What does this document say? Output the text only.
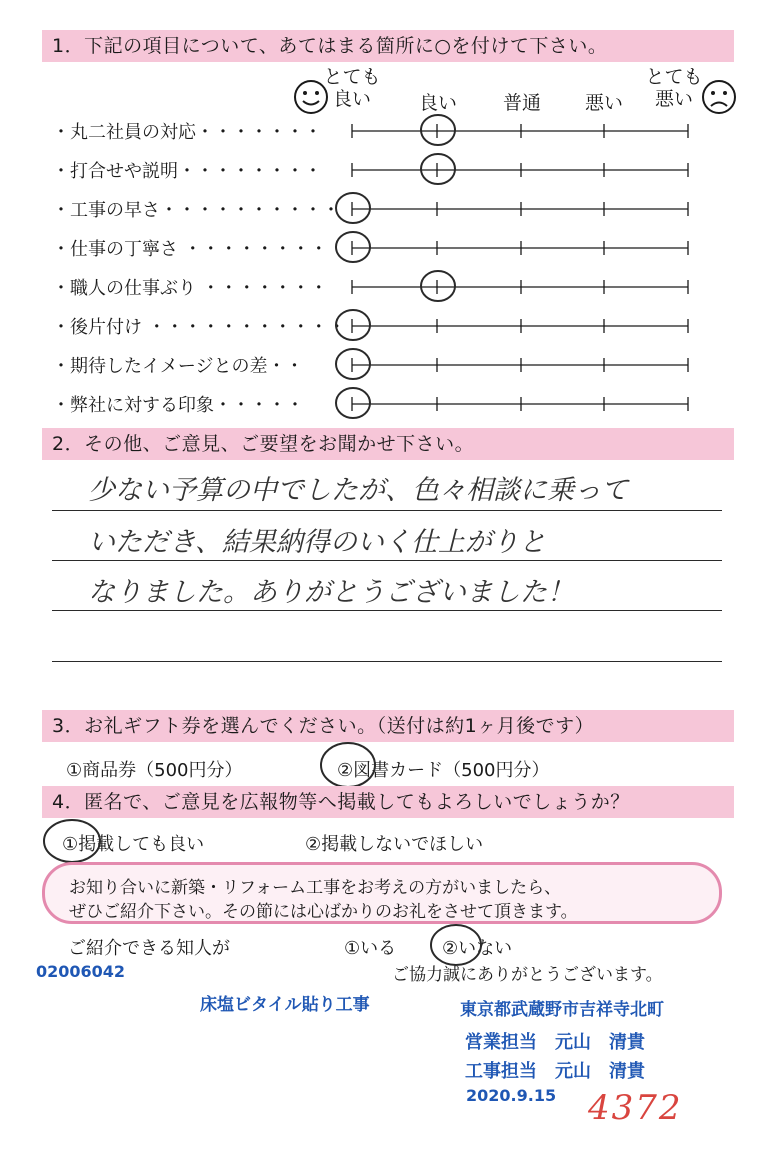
1．下記の項目について、あてはまる箇所に○を付けて下さい。
とても
良い	良い	普通	悪い
とても
悪い
・丸二社員の対応・・・・・・・
・打合せや説明・・・・・・・・
・工事の早さ・・・・・・・・・・
・仕事の丁寧さ ・・・・・・・・
・職人の仕事ぶり ・・・・・・・
・後片付け ・・・・・・・・・・・
・期待したイメージとの差・・
・弊社に対する印象・・・・・
2．その他、ご意見、ご要望をお聞かせ下さい。
少ない予算の中でしたが、色々相談に乗って
いただき、結果納得のいく仕上がりと
なりました。ありがとうございました！
3．お礼ギフト券を選んでください。（送付は約1ヶ月後です）
①商品券（500円分）	②図書カード（500円分）
4．匿名で、ご意見を広報物等へ掲載してもよろしいでしょうか？
①掲載しても良い	②掲載しないでほしい
お知り合いに新築・リフォーム工事をお考えの方がいましたら、
ぜひご紹介下さい。その節には心ばかりのお礼をさせて頂きます。
ご紹介できる知人が	①いる	②いない
02006042	ご協力誠にありがとうございます。
床塩ビタイル貼り工事	東京都武蔵野市吉祥寺北町
営業担当　元山　清貴
工事担当　元山　清貴
2020.9.15 4372
